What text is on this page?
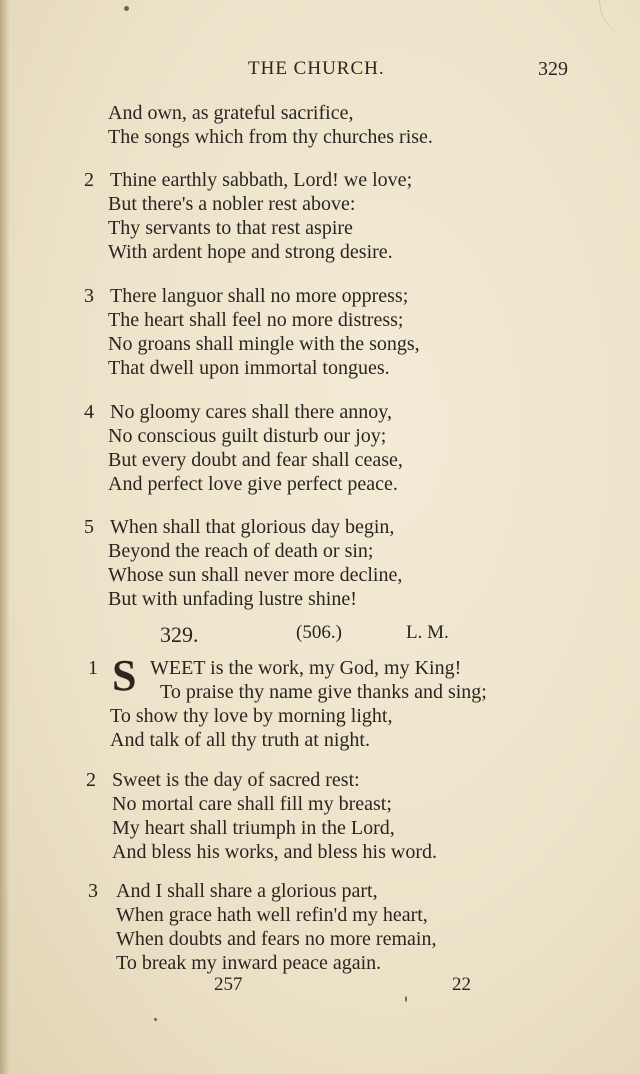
THE CHURCH.	329
And own, as grateful sacrifice,
The songs which from thy churches rise.
2 Thine earthly sabbath, Lord! we love;
But there's a nobler rest above:
Thy servants to that rest aspire
With ardent hope and strong desire.
3 There languor shall no more oppress;
The heart shall feel no more distress;
No groans shall mingle with the songs,
That dwell upon immortal tongues.
4 No gloomy cares shall there annoy,
No conscious guilt disturb our joy;
But every doubt and fear shall cease,
And perfect love give perfect peace.
5 When shall that glorious day begin,
Beyond the reach of death or sin;
Whose sun shall never more decline,
But with unfading lustre shine!
329.	(506.)	L. M.
1 S WEET is the work, my God, my King!
To praise thy name give thanks and sing;
To show thy love by morning light,
And talk of all thy truth at night.
2 Sweet is the day of sacred rest:
No mortal care shall fill my breast;
My heart shall triumph in the Lord,
And bless his works, and bless his word.
3 And I shall share a glorious part,
When grace hath well refin'd my heart,
When doubts and fears no more remain,
To break my inward peace again.
257	22
